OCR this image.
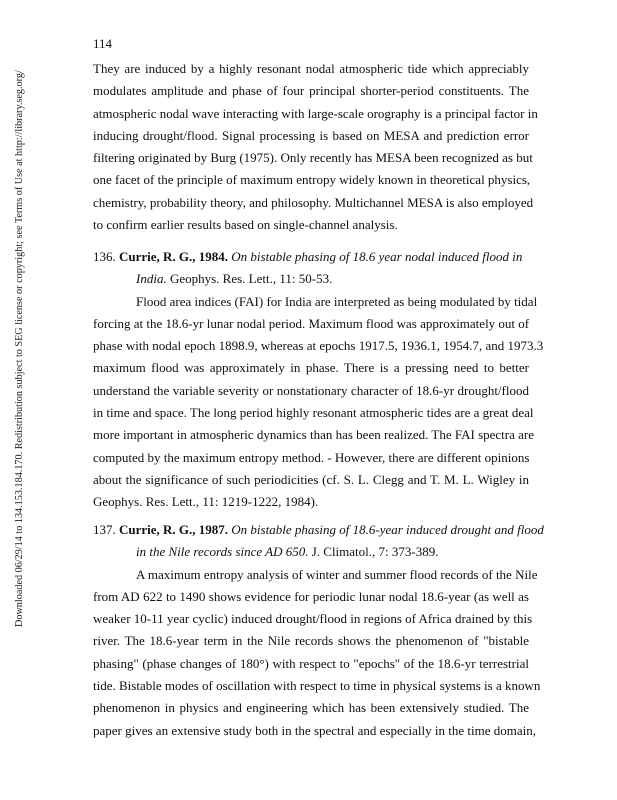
Downloaded 06/29/14 to 134.153.184.170. Redistribution subject to SEG license or copyright; see Terms of Use at http://library.seg.org/
114
They are induced by a highly resonant nodal atmospheric tide which appreciably
modulates amplitude and phase of four principal shorter-period constituents. The
atmospheric nodal wave interacting with large-scale orography is a principal factor in
inducing drought/flood. Signal processing is based on MESA and prediction error
filtering originated by Burg (1975). Only recently has MESA been recognized as but
one facet of the principle of maximum entropy widely known in theoretical physics,
chemistry, probability theory, and philosophy. Multichannel MESA is also employed
to confirm earlier results based on single-channel analysis.
136. Currie, R. G., 1984. On bistable phasing of 18.6 year nodal induced flood in
India. Geophys. Res. Lett., 11: 50-53.
Flood area indices (FAI) for India are interpreted as being modulated by tidal
forcing at the 18.6-yr lunar nodal period. Maximum flood was approximately out of
phase with nodal epoch 1898.9, whereas at epochs 1917.5, 1936.1, 1954.7, and 1973.3
maximum flood was approximately in phase. There is a pressing need to better
understand the variable severity or nonstationary character of 18.6-yr drought/flood
in time and space. The long period highly resonant atmospheric tides are a great deal
more important in atmospheric dynamics than has been realized. The FAI spectra are
computed by the maximum entropy method. - However, there are different opinions
about the significance of such periodicities (cf. S. L. Clegg and T. M. L. Wigley in
Geophys. Res. Lett., 11: 1219-1222, 1984).
137. Currie, R. G., 1987. On bistable phasing of 18.6-year induced drought and flood
in the Nile records since AD 650. J. Climatol., 7: 373-389.
A maximum entropy analysis of winter and summer flood records of the Nile
from AD 622 to 1490 shows evidence for periodic lunar nodal 18.6-year (as well as
weaker 10-11 year cyclic) induced drought/flood in regions of Africa drained by this
river. The 18.6-year term in the Nile records shows the phenomenon of "bistable
phasing" (phase changes of 180°) with respect to "epochs" of the 18.6-yr terrestrial
tide. Bistable modes of oscillation with respect to time in physical systems is a known
phenomenon in physics and engineering which has been extensively studied. The
paper gives an extensive study both in the spectral and especially in the time domain,
